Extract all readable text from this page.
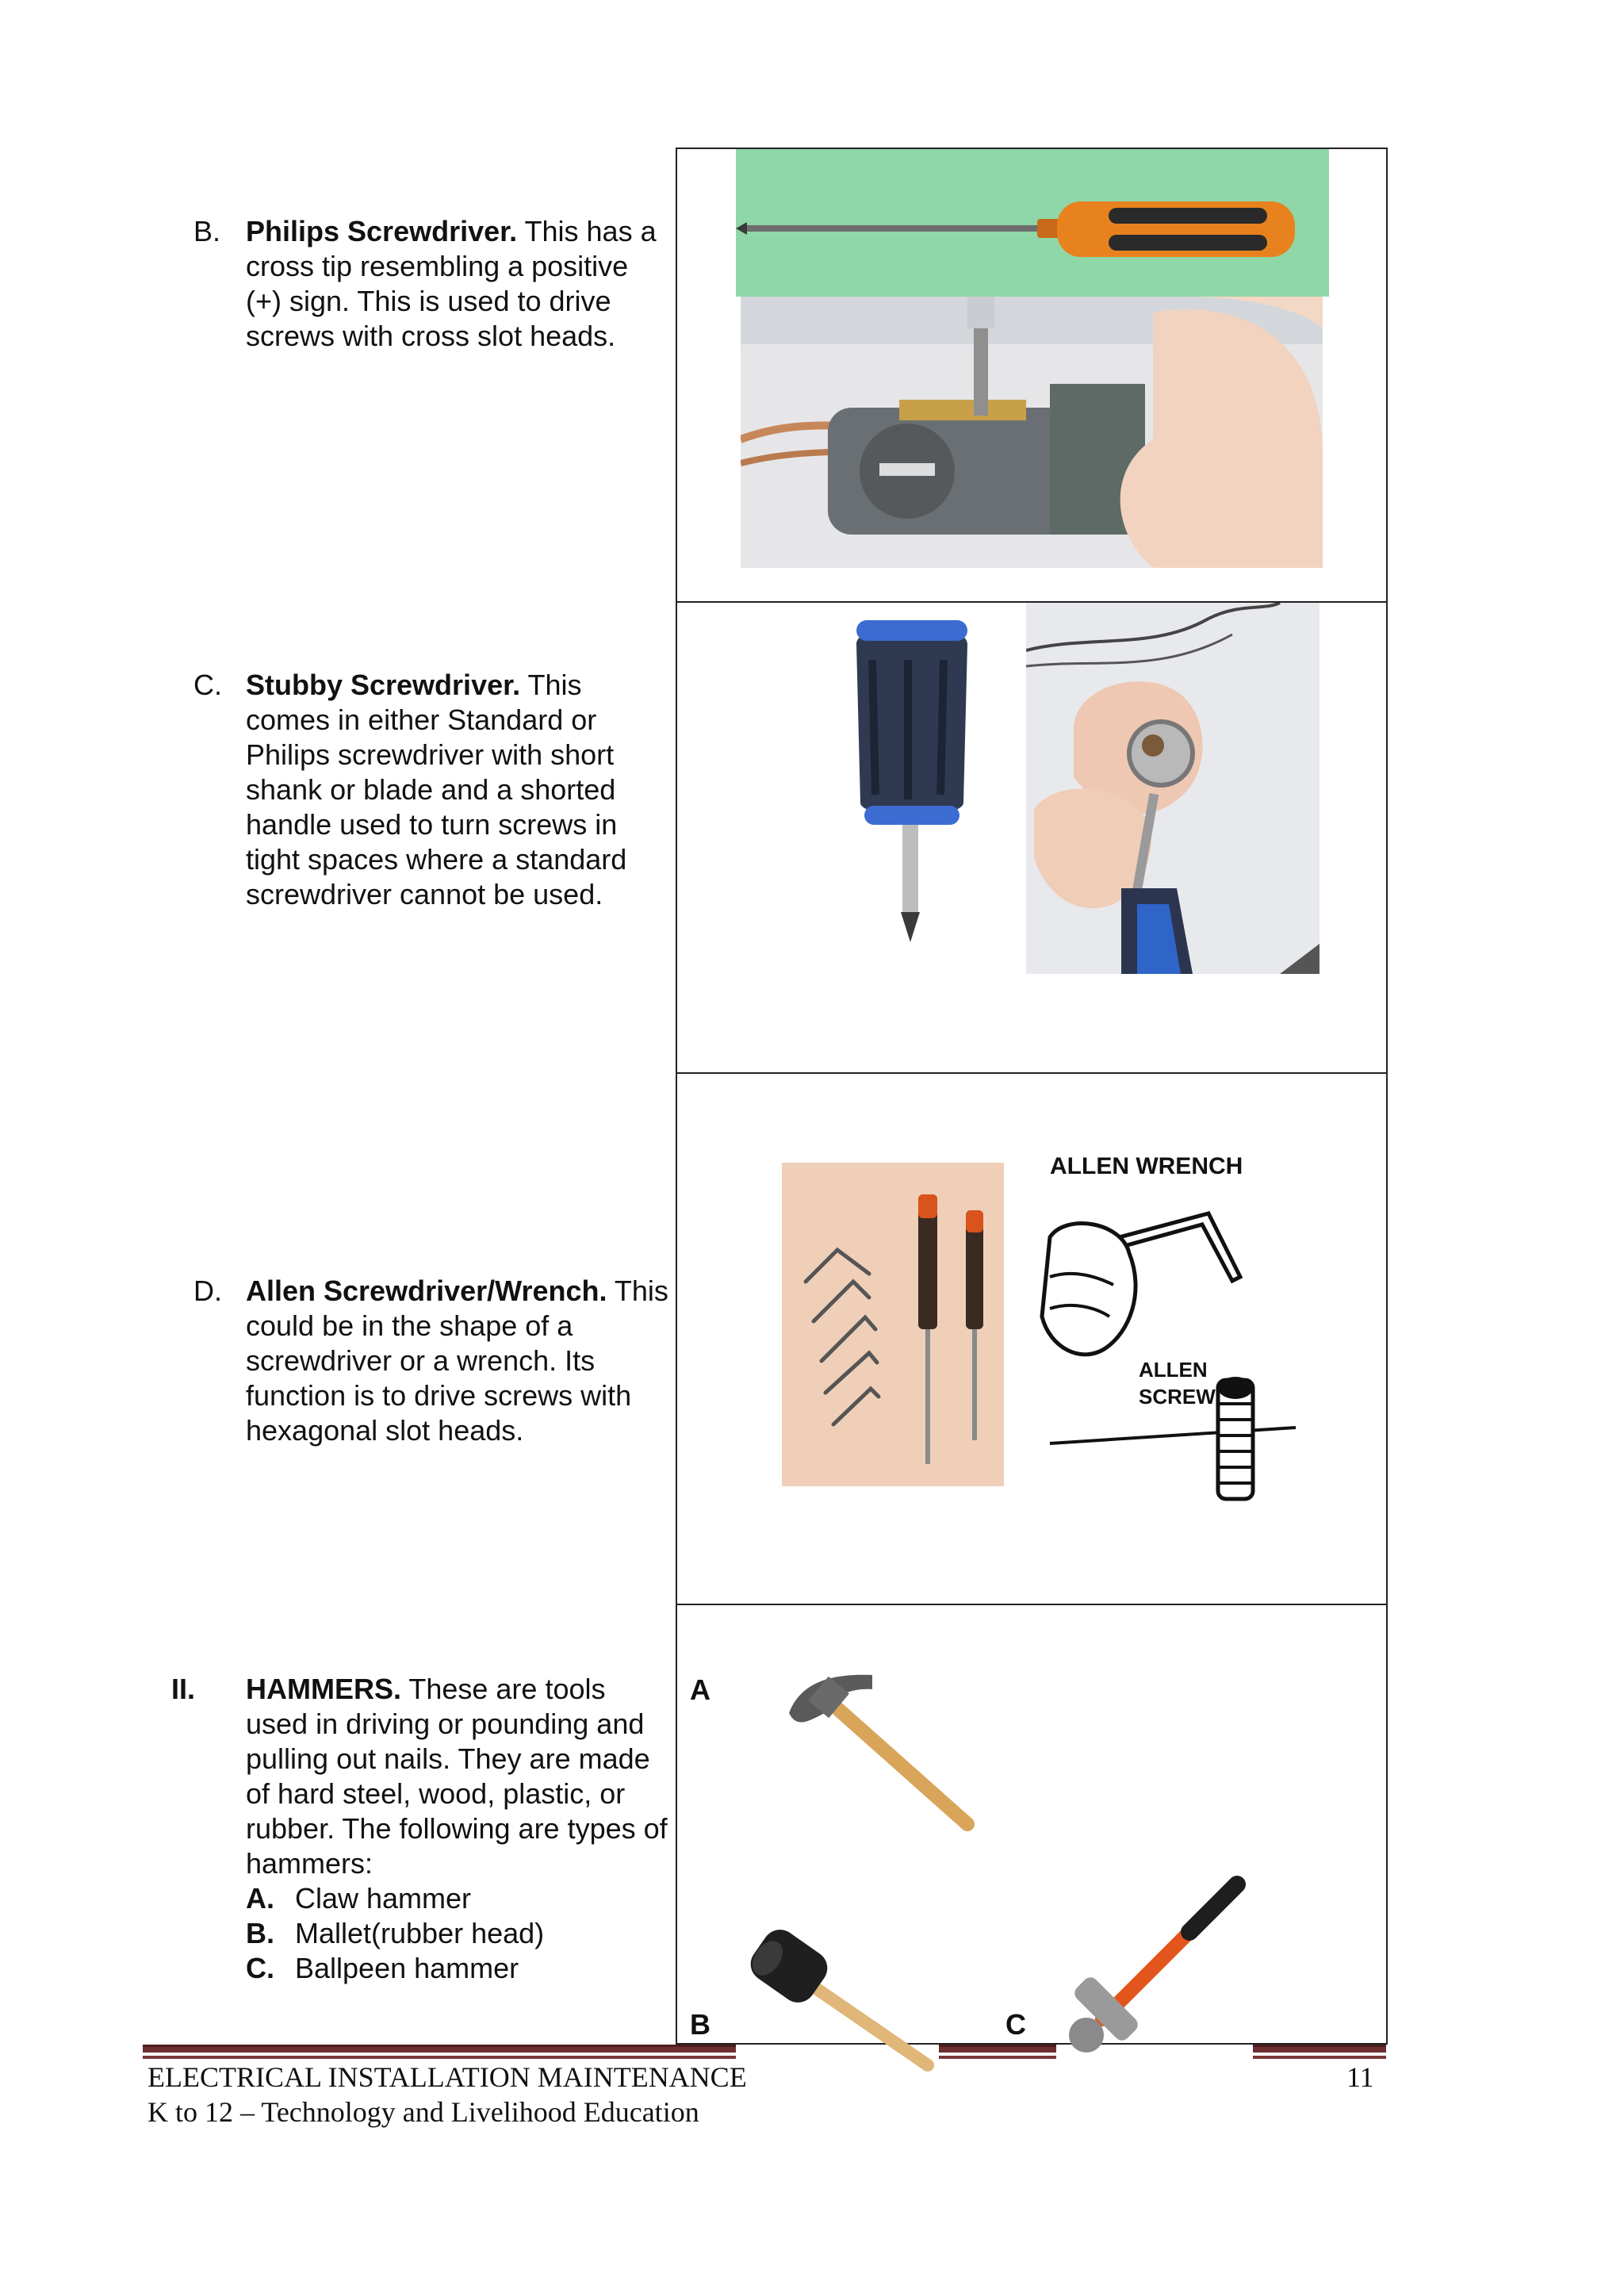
B. Philips Screwdriver. This has a cross tip resembling a positive (+) sign. This is used to drive screws with cross slot heads.
C. Stubby Screwdriver. This comes in either Standard or Philips screwdriver with short shank or blade and a shorted handle used to turn screws in tight spaces where a standard screwdriver cannot be used.
D. Allen Screwdriver/Wrench. This could be in the shape of a screwdriver or a wrench. Its function is to drive screws with hexagonal slot heads.
II. HAMMERS. These are tools used in driving or pounding and pulling out nails. They are made of hard steel, wood, plastic, or rubber. The following are types of hammers:
A. Claw hammer
B. Mallet(rubber head)
C. Ballpeen hammer
ALLEN WRENCH
ALLEN
SCREW
A
B	C
ELECTRICAL INSTALLATION MAINTENANCE
K to 12 – Technology and Livelihood Education
11
